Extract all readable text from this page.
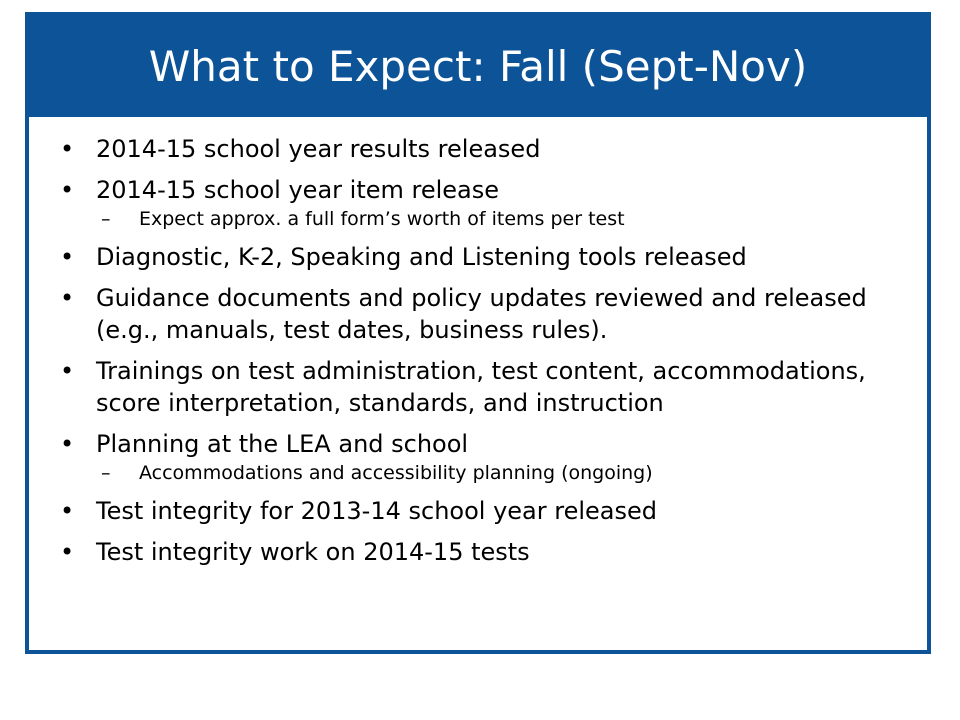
What to Expect: Fall (Sept-Nov)
• 2014-15 school year results released
• 2014-15 school year item release
– Expect approx. a full form’s worth of items per test
• Diagnostic, K-2, Speaking and Listening tools released
• Guidance documents and policy updates reviewed and released (e.g., manuals, test dates, business rules).
• Trainings on test administration, test content, accommodations, score interpretation, standards, and instruction
• Planning at the LEA and school
– Accommodations and accessibility planning (ongoing)
• Test integrity for 2013-14 school year released
• Test integrity work on 2014-15 tests
